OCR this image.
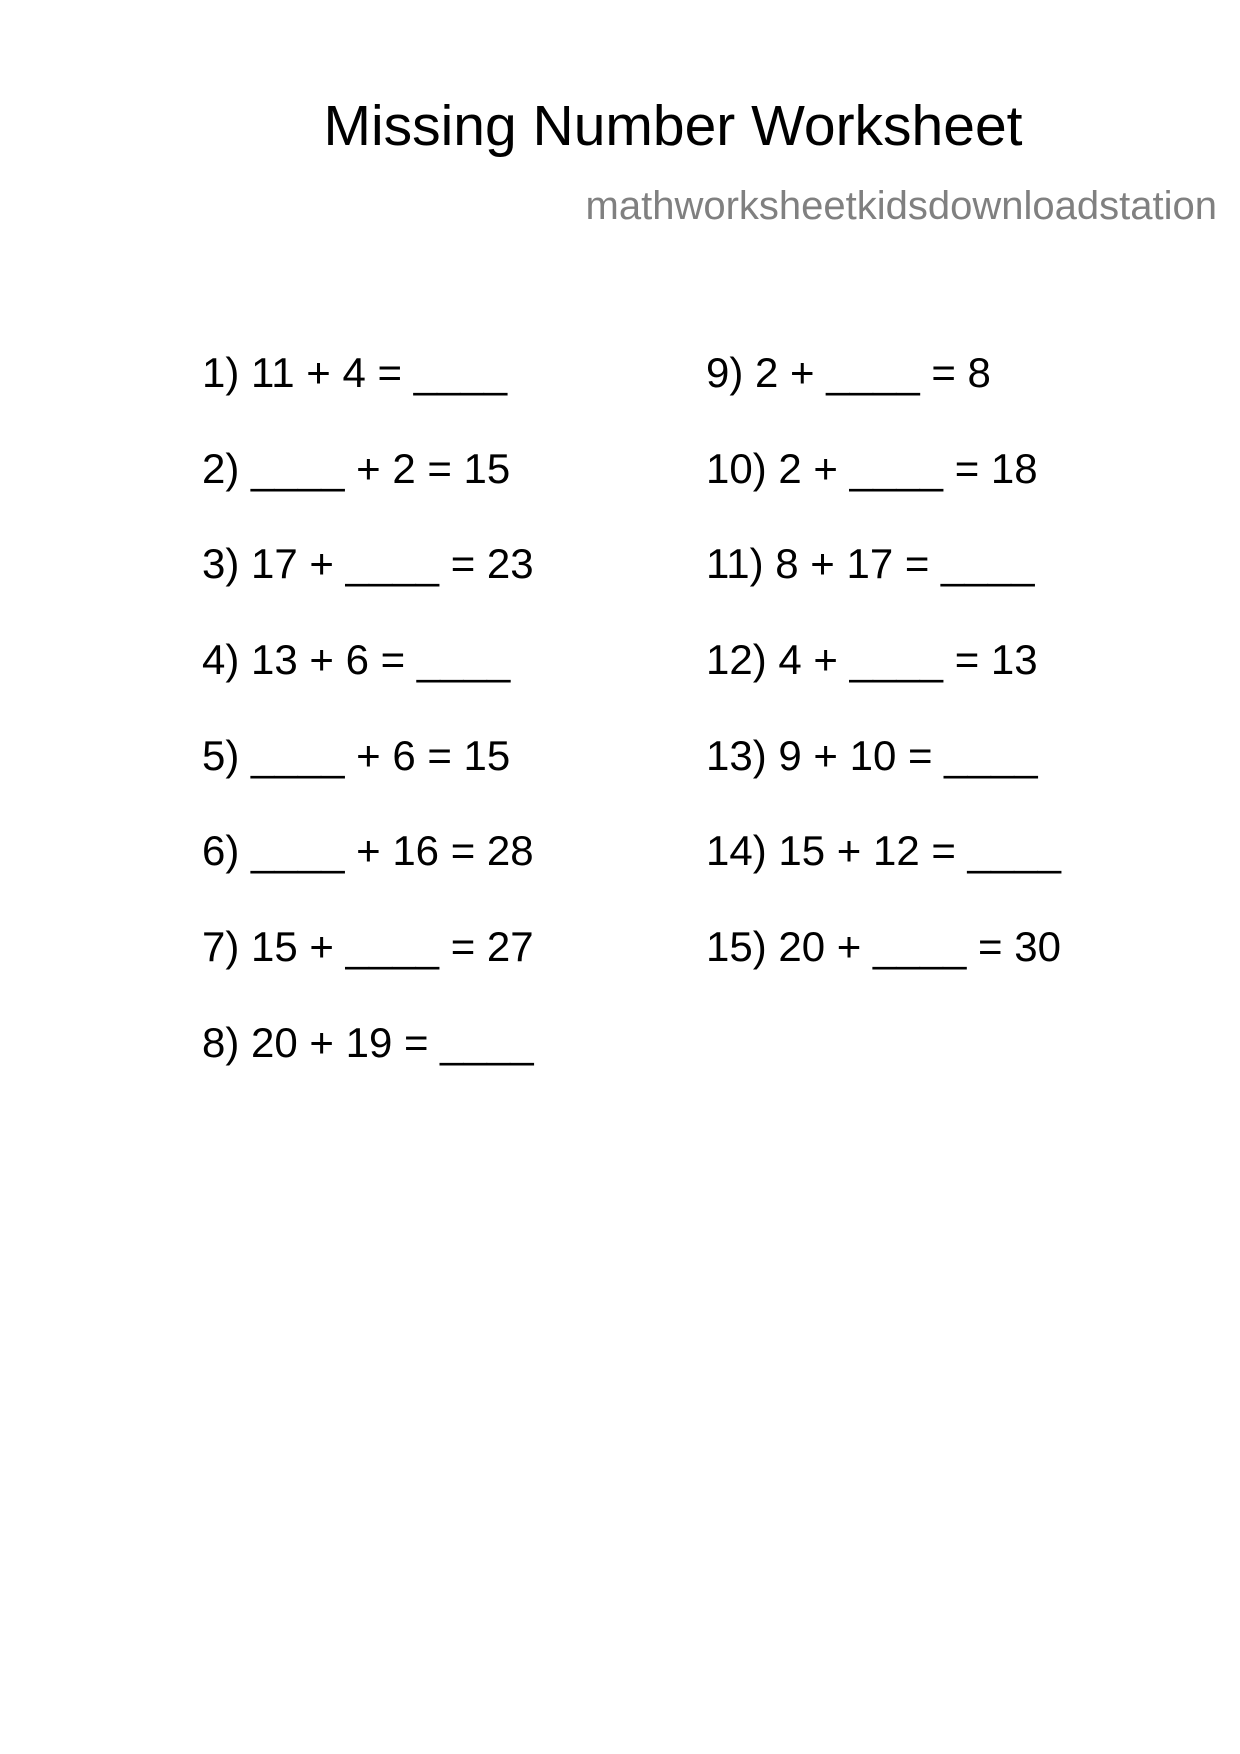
Missing Number Worksheet
mathworksheetkidsdownloadstation
1) 11 + 4 = ____
2) ____ + 2 = 15
3) 17 + ____ = 23
4) 13 + 6 = ____
5) ____ + 6 = 15
6) ____ + 16 = 28
7) 15 + ____ = 27
8) 20 + 19 = ____
9) 2 + ____ = 8
10) 2 + ____ = 18
11) 8 + 17 = ____
12) 4 + ____ = 13
13) 9 + 10 = ____
14) 15 + 12 = ____
15) 20 + ____ = 30
